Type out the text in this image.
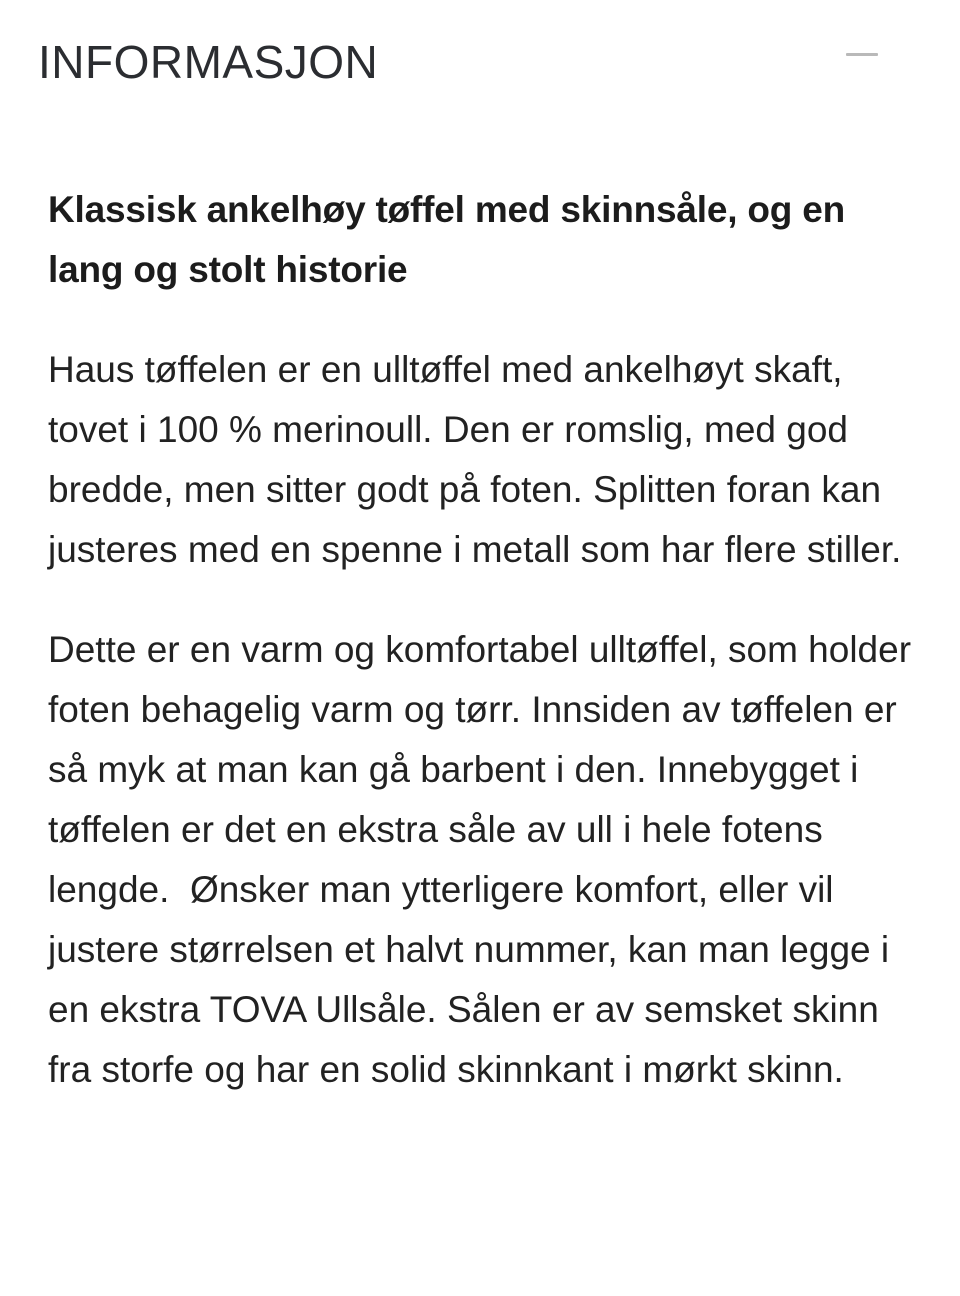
INFORMASJON
Klassisk ankelhøy tøffel med skinnsåle, og en lang og stolt historie

Haus tøffelen er en ulltøffel med ankelhøyt skaft, tovet i 100 % merinoull. Den er romslig, med god bredde, men sitter godt på foten. Splitten foran kan justeres med en spenne i metall som har flere stiller.

Dette er en varm og komfortabel ulltøffel, som holder foten behagelig varm og tørr. Innsiden av tøffelen er så myk at man kan gå barbent i den. Innebygget i tøffelen er det en ekstra såle av ull i hele fotens lengde.  Ønsker man ytterligere komfort, eller vil justere størrelsen et halvt nummer, kan man legge i en ekstra TOVA Ullsåle. Sålen er av semsket skinn fra storfe og har en solid skinnkant i mørkt skinn.
